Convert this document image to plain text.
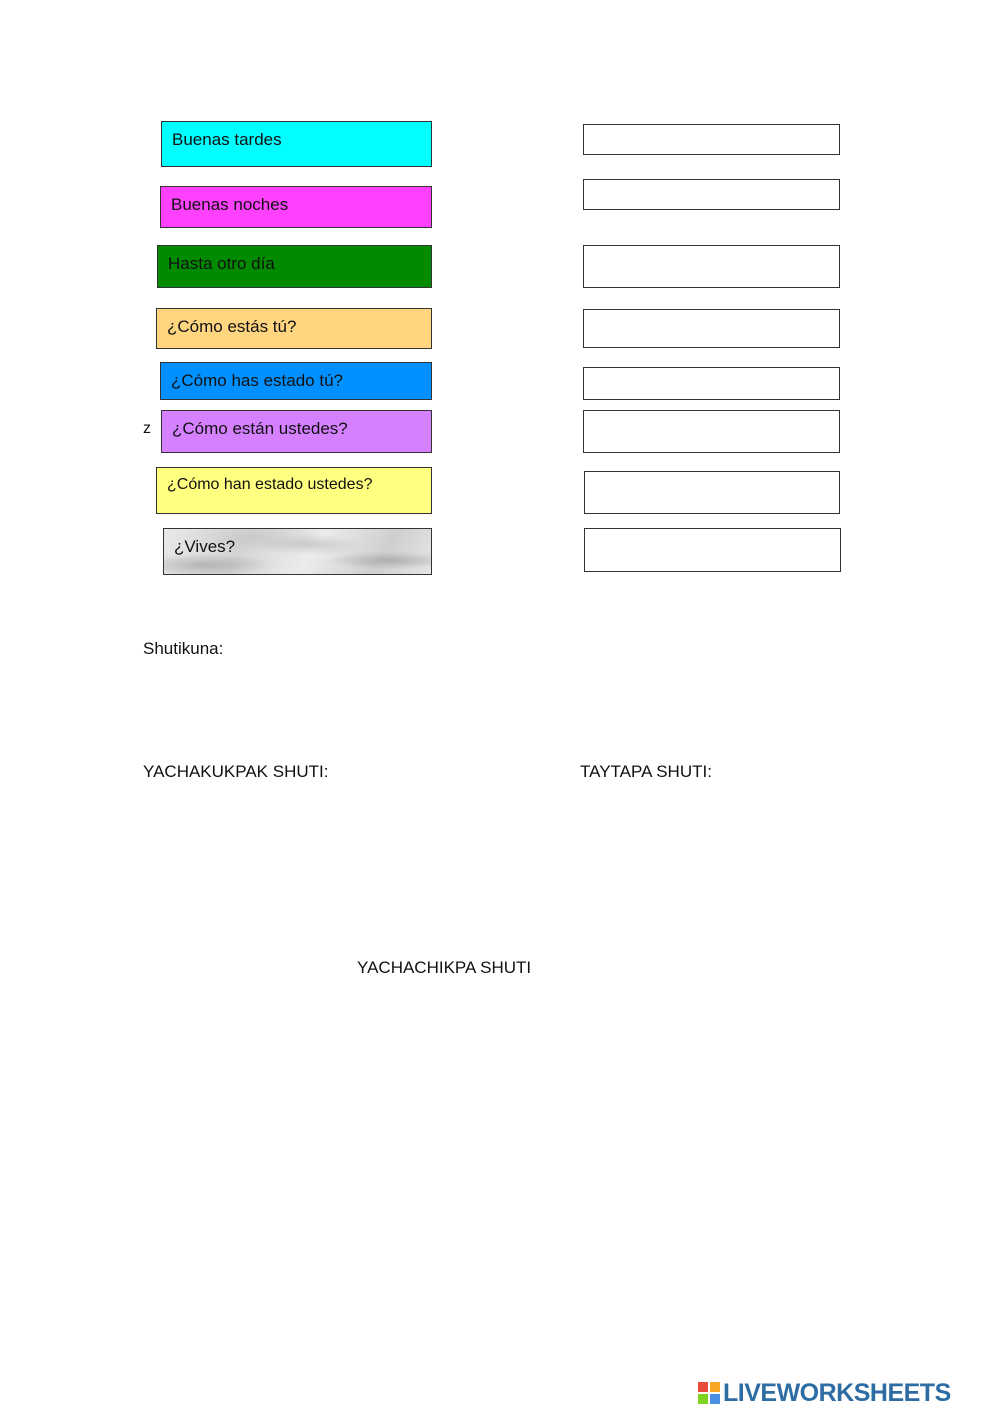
Buenas tardes
Buenas noches
Hasta otro día
¿Cómo estás tú?
¿Cómo has estado tú?
z	¿Cómo están ustedes?
¿Cómo han estado ustedes?
¿Vives?
Shutikuna:
YACHAKUKPAK SHUTI:	TAYTAPA SHUTI:
YACHACHIKPA SHUTI
LIVEWORKSHEETS
